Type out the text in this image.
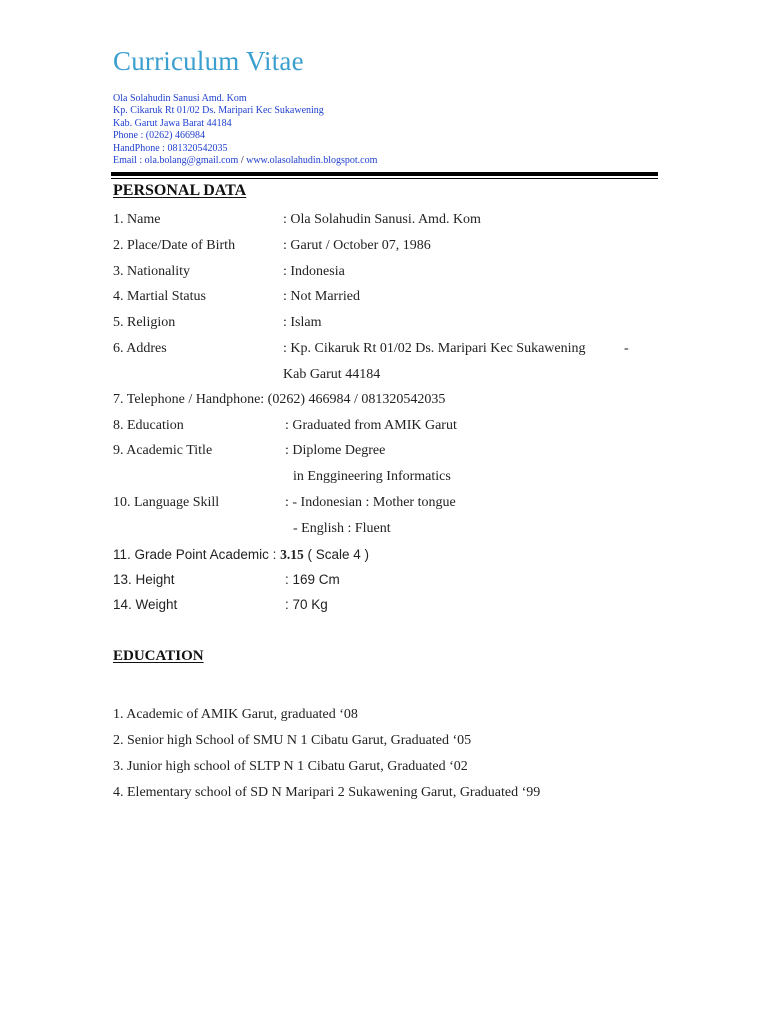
Curriculum Vitae
Ola Solahudin Sanusi Amd. Kom
Kp. Cikaruk Rt 01/02 Ds. Maripari Kec Sukawening
Kab. Garut Jawa Barat 44184
Phone : (0262) 466984
HandPhone : 081320542035
Email : ola.bolang@gmail.com / www.olasolahudin.blogspot.com
PERSONAL DATA
1. Name	: Ola Solahudin Sanusi. Amd. Kom
2. Place/Date of Birth	: Garut / October 07, 1986
3. Nationality	: Indonesia
4. Martial Status	: Not Married
5. Religion	: Islam
6. Addres	: Kp. Cikaruk Rt 01/02 Ds. Maripari Kec Sukawening	-
Kab Garut 44184
7. Telephone / Handphone: (0262) 466984 / 081320542035
8. Education	: Graduated from AMIK Garut
9. Academic Title	: Diplome Degree
in Enggineering Informatics
10. Language Skill	: - Indonesian : Mother tongue
- English : Fluent
11. Grade Point Academic : 3.15 ( Scale 4 )
13. Height	: 169 Cm
14. Weight	: 70 Kg
EDUCATION
1. Academic of AMIK Garut, graduated ‘08
2. Senior high School of SMU N 1 Cibatu Garut, Graduated ‘05
3. Junior high school of SLTP N 1 Cibatu Garut, Graduated ‘02
4. Elementary school of SD N Maripari 2 Sukawening Garut, Graduated ‘99
